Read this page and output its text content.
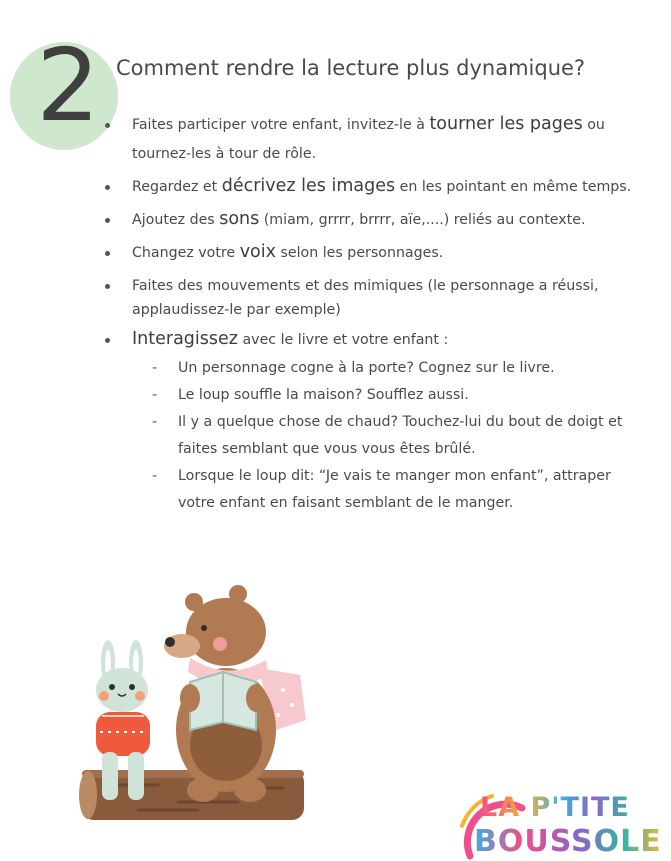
2 Comment rendre la lecture plus dynamique?
Faites participer votre enfant, invitez-le à tourner les pages ou tournez-les à tour de rôle.
Regardez et décrivez les images en les pointant en même temps.
Ajoutez des sons (miam, grrrr, brrrr, aïe,....) reliés au contexte.
Changez votre voix selon les personnages.
Faites des mouvements et des mimiques (le personnage a réussi, applaudissez-le par exemple)
Interagissez avec le livre et votre enfant :
- Un personnage cogne à la porte? Cognez sur le livre.
- Le loup souffle la maison? Soufflez aussi.
- Il y a quelque chose de chaud? Touchez-lui du bout de doigt et faites semblant que vous vous êtes brûlé.
- Lorsque le loup dit: “Je vais te manger mon enfant”, attraper votre enfant en faisant semblant de le manger.
LA P'TITE
BOUSSOLE
